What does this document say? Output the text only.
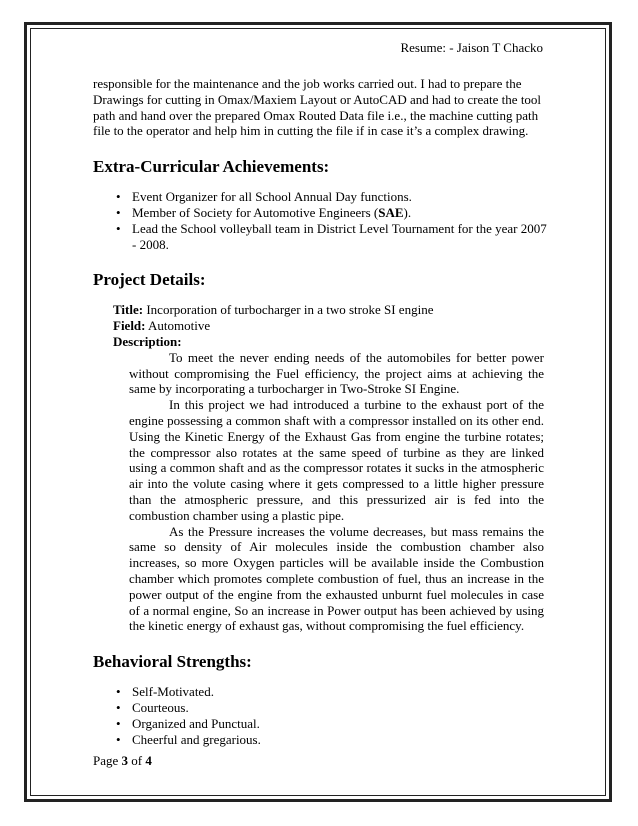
Resume: - Jaison T Chacko

responsible for the maintenance and the job works carried out. I had to prepare the Drawings for cutting in Omax/Maxiem Layout or AutoCAD and had to create the tool path and hand over the prepared Omax Routed Data file i.e., the machine cutting path file to the operator and help him in cutting the file if in case it’s a complex drawing.

Extra-Curricular Achievements:
• Event Organizer for all School Annual Day functions.
• Member of Society for Automotive Engineers (SAE).
• Lead the School volleyball team in District Level Tournament for the year 2007 - 2008.
Project Details:

Title: Incorporation of turbocharger in a two stroke SI engine

Field: Automotive

Description:

To meet the never ending needs of the automobiles for better power without compromising the Fuel efficiency, the project aims at achieving the same by incorporating a turbocharger in Two-Stroke SI Engine.

In this project we had introduced a turbine to the exhaust port of the engine possessing a common shaft with a compressor installed on its other end. Using the Kinetic Energy of the Exhaust Gas from engine the turbine rotates; the compressor also rotates at the same speed of turbine as they are linked using a common shaft and as the compressor rotates it sucks in the atmospheric air into the volute casing where it gets compressed to a little higher pressure than the atmospheric pressure, and this pressurized air is fed into the combustion chamber using a plastic pipe.

As the Pressure increases the volume decreases, but mass remains the same so density of Air molecules inside the combustion chamber also increases, so more Oxygen particles will be available inside the Combustion chamber which promotes complete combustion of fuel, thus an increase in the power output of the engine from the exhausted unburnt fuel molecules in case of a normal engine, So an increase in Power output has been achieved by using the kinetic energy of exhaust gas, without compromising the fuel efficiency.

Behavioral Strengths:
• Self-Motivated.
• Courteous.
• Organized and Punctual.
• Cheerful and gregarious.
Page 3 of 4
